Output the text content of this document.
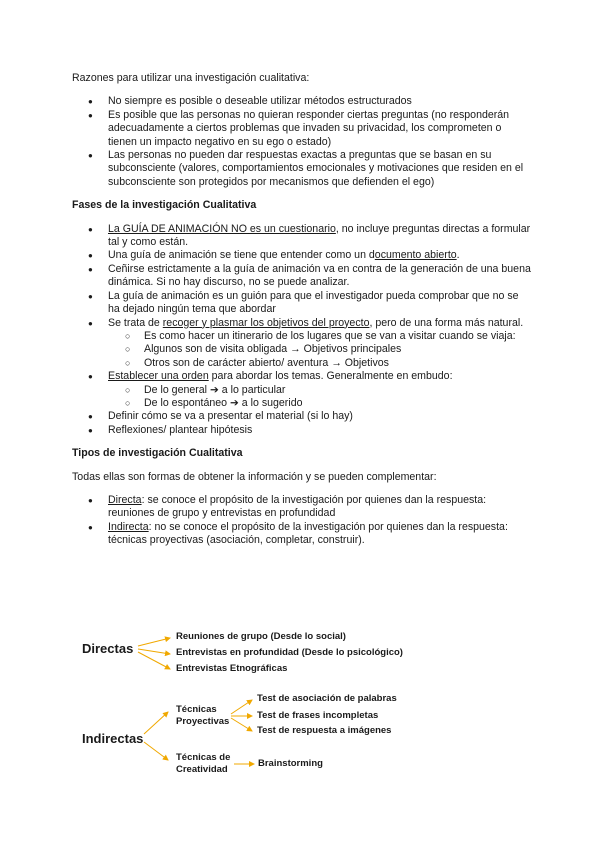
Razones para utilizar una investigación cualitativa:

● No siempre es posible o deseable utilizar métodos estructurados
● Es posible que las personas no quieran responder ciertas preguntas (no responderán adecuadamente a ciertos problemas que invaden su privacidad, los comprometen o tienen un impacto negativo en su ego o estado)
● Las personas no pueden dar respuestas exactas a preguntas que se basan en su subconsciente (valores, comportamientos emocionales y motivaciones que residen en el subconsciente son protegidos por mecanismos que defienden el ego)

Fases de la investigación Cualitativa

● La GUÍA DE ANIMACIÓN NO es un cuestionario, no incluye preguntas directas a formular tal y como están.
● Una guía de animación se tiene que entender como un documento abierto.
● Ceñirse estrictamente a la guía de animación va en contra de la generación de una buena dinámica. Si no hay discurso, no se puede analizar.
● La guía de animación es un guión para que el investigador pueda comprobar que no se ha dejado ningún tema que abordar
● Se trata de recoger y plasmar los objetivos del proyecto, pero de una forma más natural.
○ Es como hacer un itinerario de los lugares que se van a visitar cuando se viaja:
○ Algunos son de visita obligada → Objetivos principales
○ Otros son de carácter abierto/ aventura → Objetivos
● Establecer una orden para abordar los temas. Generalmente en embudo:
○ De lo general ➔ a lo particular
○ De lo espontáneo ➔ a lo sugerido
● Definir cómo se va a presentar el material (si lo hay)
● Reflexiones/ plantear hipótesis

Tipos de investigación Cualitativa

Todas ellas son formas de obtener la información y se pueden complementar:

● Directa: se conoce el propósito de la investigación por quienes dan la respuesta: reuniones de grupo y entrevistas en profundidad
● Indirecta: no se conoce el propósito de la investigación por quienes dan la respuesta: técnicas proyectivas (asociación, completar, construir).
Directas
Reuniones de grupo (Desde lo social)
Entrevistas en profundidad (Desde lo psicológico)
Entrevistas Etnográficas
Indirectas
Técnicas
Proyectivas
Test de asociación de palabras
Test de frases incompletas
Test de respuesta a imágenes
Técnicas de
Creatividad
Brainstorming
